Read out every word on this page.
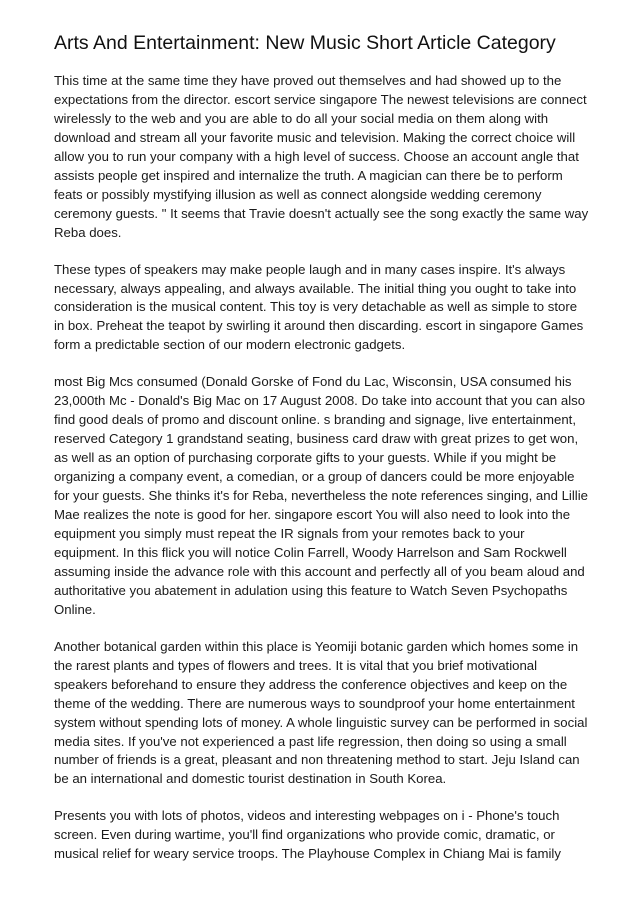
Arts And Entertainment: New Music Short Article Category

This time at the same time they have proved out themselves and had showed up to the expectations from the director. escort service singapore The newest televisions are connect wirelessly to the web and you are able to do all your social media on them along with download and stream all your favorite music and television. Making the correct choice will allow you to run your company with a high level of success. Choose an account angle that assists people get inspired and internalize the truth. A magician can there be to perform feats or possibly mystifying illusion as well as connect alongside wedding ceremony ceremony guests. " It seems that Travie doesn't actually see the song exactly the same way Reba does.

These types of speakers may make people laugh and in many cases inspire. It's always necessary, always appealing, and always available. The initial thing you ought to take into consideration is the musical content. This toy is very detachable as well as simple to store in box. Preheat the teapot by swirling it around then discarding. escort in singapore Games form a predictable section of our modern electronic gadgets.

most Big Mcs consumed (Donald Gorske of Fond du Lac, Wisconsin, USA consumed his 23,000th Mc - Donald's Big Mac on 17 August 2008. Do take into account that you can also find good deals of promo and discount online. s branding and signage, live entertainment, reserved Category 1 grandstand seating, business card draw with great prizes to get won, as well as an option of purchasing corporate gifts to your guests. While if you might be organizing a company event, a comedian, or a group of dancers could be more enjoyable for your guests. She thinks it's for Reba, nevertheless the note references singing, and Lillie Mae realizes the note is good for her. singapore escort You will also need to look into the equipment you simply must repeat the IR signals from your remotes back to your equipment. In this flick you will notice Colin Farrell, Woody Harrelson and Sam Rockwell assuming inside the advance role with this account and perfectly all of you beam aloud and authoritative you abatement in adulation using this feature to Watch Seven Psychopaths Online.

Another botanical garden within this place is Yeomiji botanic garden which homes some in the rarest plants and types of flowers and trees. It is vital that you brief motivational speakers beforehand to ensure they address the conference objectives and keep on the theme of the wedding. There are numerous ways to soundproof your home entertainment system without spending lots of money. A whole linguistic survey can be performed in social media sites. If you've not experienced a past life regression, then doing so using a small number of friends is a great, pleasant and non threatening method to start. Jeju Island can be an international and domestic tourist destination in South Korea.

Presents you with lots of photos, videos and interesting webpages on i - Phone's touch screen. Even during wartime, you'll find organizations who provide comic, dramatic, or musical relief for weary service troops. The Playhouse Complex in Chiang Mai is family
